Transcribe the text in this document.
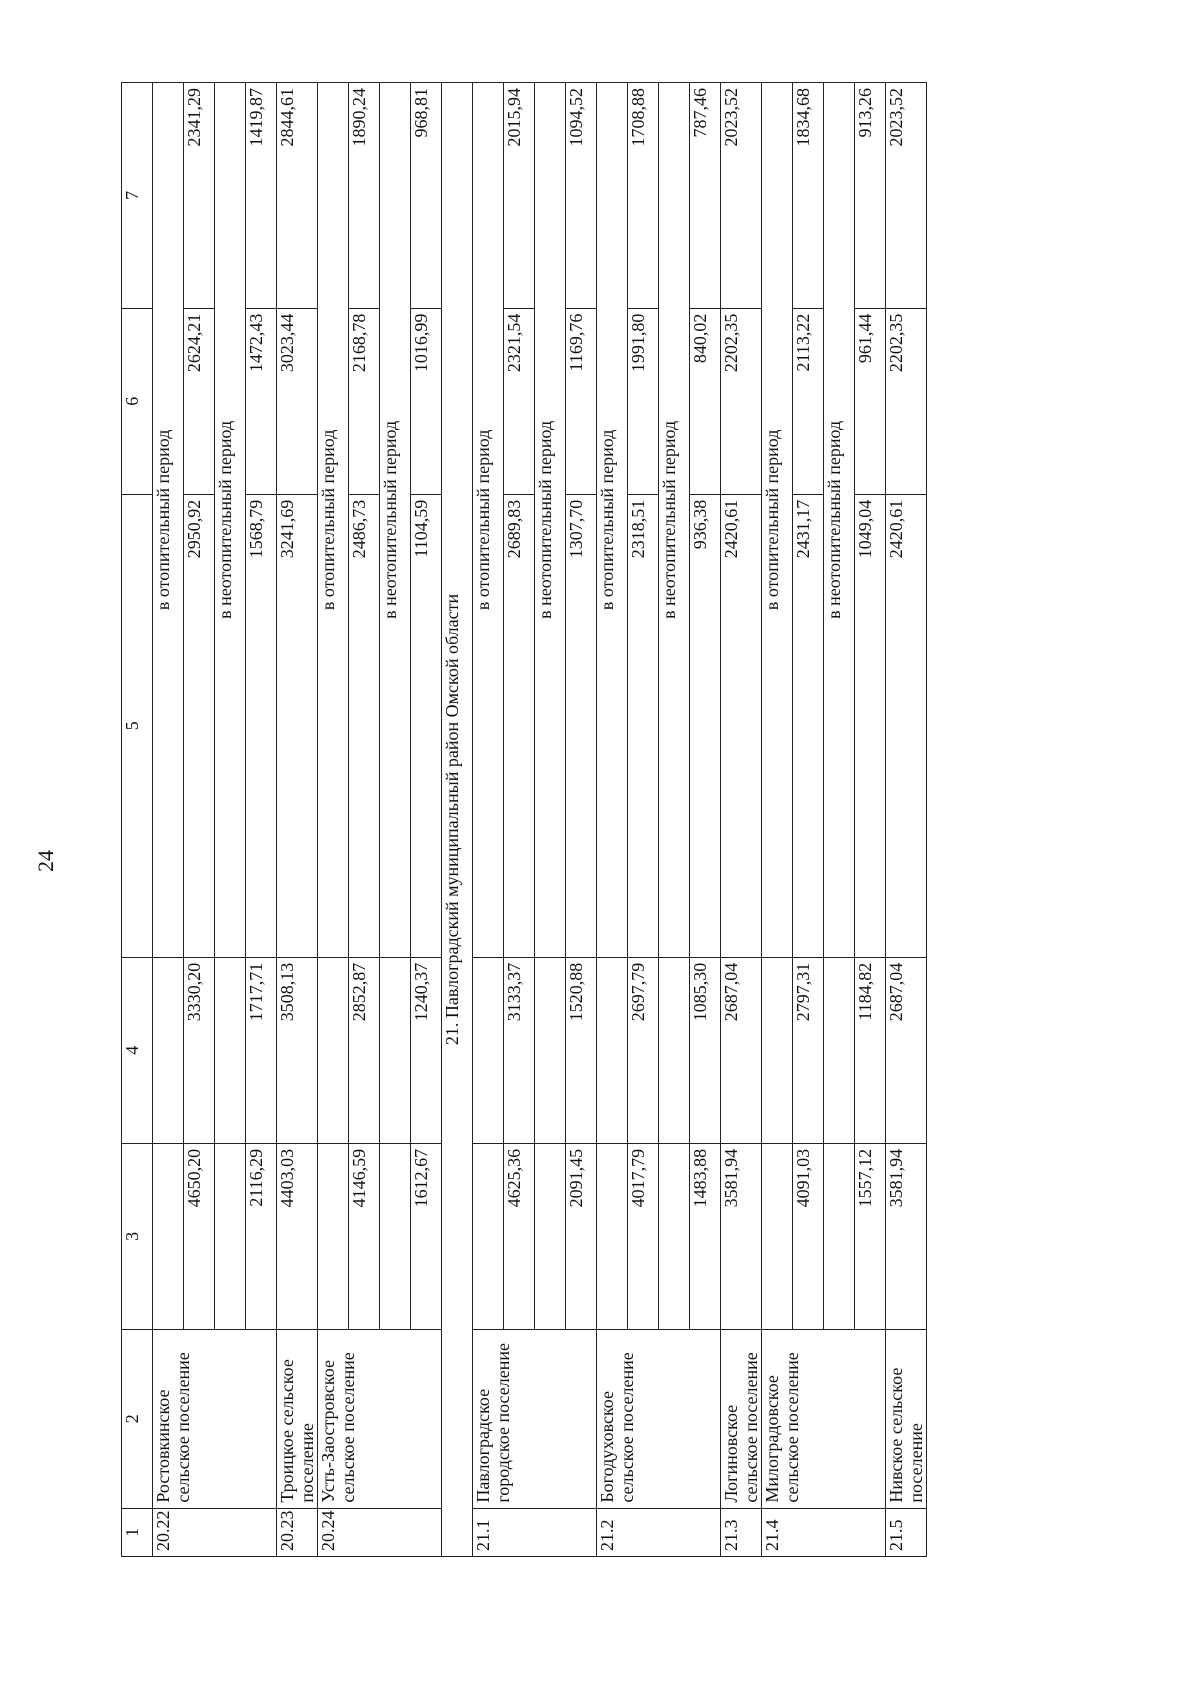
24
1	2	3	4	5	6	7
20.22	Ростовкинское сельское поселение			в отопительный период		
		4650,20	3330,20	2950,92	2624,21	2341,29
				в неотопительный период		
		2116,29	1717,71	1568,79	1472,43	1419,87
20.23	Троицкое сельское поселение	4403,03	3508,13	3241,69	3023,44	2844,61
20.24	Усть-Заостровское сельское поселение			в отопительный период		
		4146,59	2852,87	2486,73	2168,78	1890,24
				в неотопительный период		
		1612,67	1240,37	1104,59	1016,99	968,81
21. Павлоградский муниципальный район Омской области						
21.1	Павлоградское городское поселение			в отопительный период		
		4625,36	3133,37	2689,83	2321,54	2015,94
				в неотопительный период		
		2091,45	1520,88	1307,70	1169,76	1094,52
21.2	Богодуховское сельское поселение			в отопительный период		
		4017,79	2697,79	2318,51	1991,80	1708,88
				в неотопительный период		
		1483,88	1085,30	936,38	840,02	787,46
21.3	Логиновское сельское поселение	3581,94	2687,04	2420,61	2202,35	2023,52
21.4	Милоградовское сельское поселение			в отопительный период		
		4091,03	2797,31	2431,17	2113,22	1834,68
				в неотопительный период		
		1557,12	1184,82	1049,04	961,44	913,26
21.5	Нивское сельское поселение	3581,94	2687,04	2420,61	2202,35	2023,52
